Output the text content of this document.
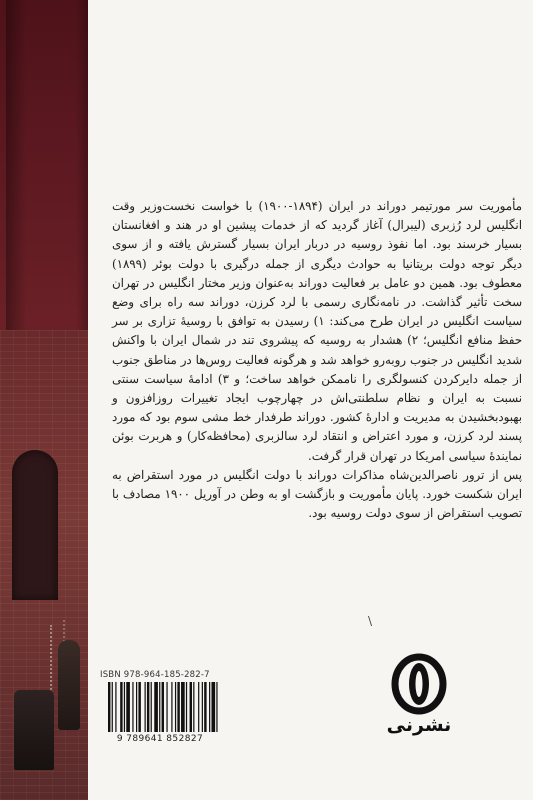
مأموریت سر مورتیمر دوراند در ایران (۱۸۹۴-۱۹۰۰) با خواست نخست‌وزیر وقت انگلیس لرد رُزبری (لیبرال) آغاز گردید که از خدمات پیشین او در هند و افغانستان بسیار خرسند بود. اما نفوذ روسیه در دربار ایران بسیار گسترش یافته و از سوی دیگر توجه دولت بریتانیا به حوادث دیگری از جمله درگیری با دولت بوئر (۱۸۹۹) معطوف بود. همین دو عامل بر فعالیت دوراند به‌عنوان وزیر مختار انگلیس در تهران سخت تأثیر گذاشت. در نامه‌نگاری رسمی با لرد کرزن، دوراند سه راه برای وضع سیاست انگلیس در ایران طرح می‌کند: ۱) رسیدن به توافق با روسیهٔ تزاری بر سر حفظ منافع انگلیس؛ ۲) هشدار به روسیه که پیشروی تند در شمال ایران با واکنش شدید انگلیس در جنوب روبه‌رو خواهد شد و هرگونه فعالیت روس‌ها در مناطق جنوب از جمله دایرکردن کنسولگری را ناممکن خواهد ساخت؛ و ۳) ادامهٔ سیاست سنتی نسبت به ایران و نظام سلطنتی‌اش در چهارچوب ایجاد تغییرات روزافزون و بهبودبخشیدن به مدیریت و ادارهٔ کشور. دوراند طرفدار خط مشی سوم بود که مورد پسند لرد کرزن، و مورد اعتراض و انتقاد لرد سالزبری (محافظه‌کار) و هربرت بوئن نمایندهٔ سیاسی امریکا در تهران قرار گرفت.

پس از ترور ناصرالدین‌شاه مذاکرات دوراند با دولت انگلیس در مورد استقراض به ایران شکست خورد. پایان مأموریت و بازگشت او به وطن در آوریل ۱۹۰۰ مصادف با تصویب استقراض از سوی دولت روسیه بود.

\
ISBN 978-964-185-282-7
9 789641 852827
نشرنی
